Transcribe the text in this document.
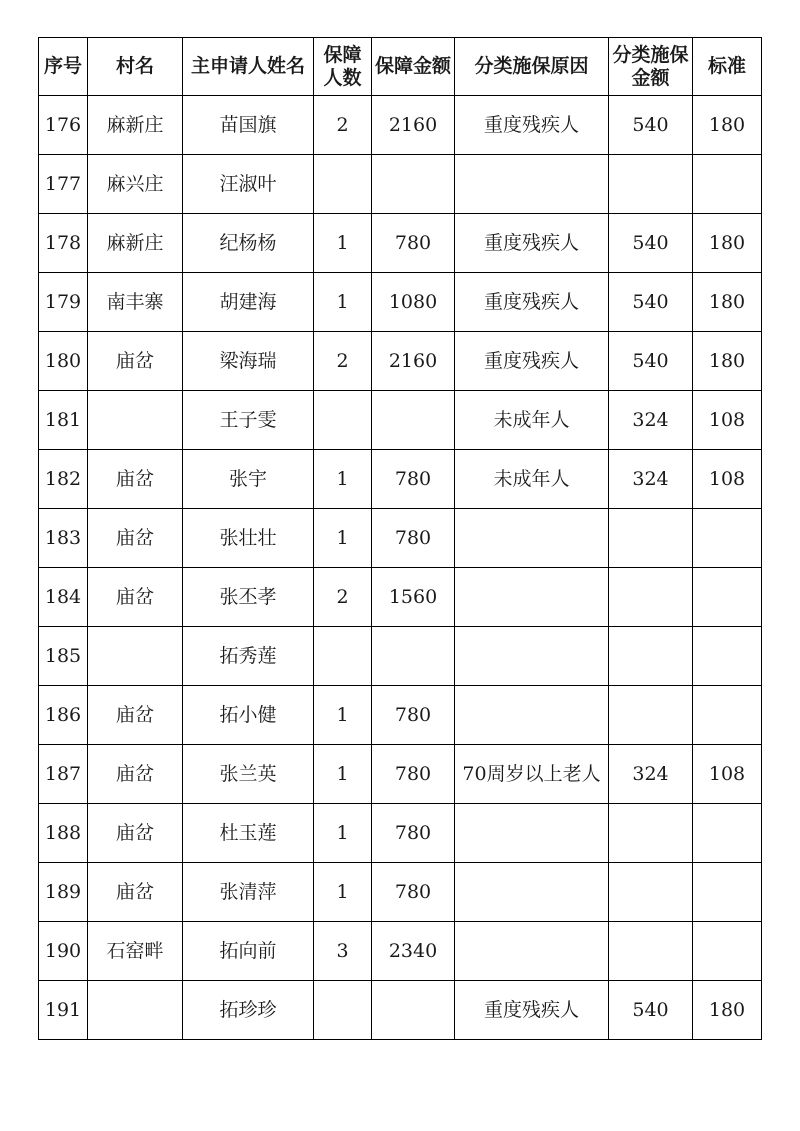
序号	村名	主申请人姓名	保障人数	保障金额	分类施保原因	分类施保金额	标准
176	麻新庄	苗国旗	2	2160	重度残疾人	540	180
177	麻兴庄	汪淑叶					
178	麻新庄	纪杨杨	1	780	重度残疾人	540	180
179	南丰寨	胡建海	1	1080	重度残疾人	540	180
180	庙岔	梁海瑞	2	2160	重度残疾人	540	180
181		王子雯			未成年人	324	108
182	庙岔	张宇	1	780	未成年人	324	108
183	庙岔	张壮壮	1	780			
184	庙岔	张丕孝	2	1560			
185		拓秀莲					
186	庙岔	拓小健	1	780			
187	庙岔	张兰英	1	780	70周岁以上老人	324	108
188	庙岔	杜玉莲	1	780			
189	庙岔	张清萍	1	780			
190	石窑畔	拓向前	3	2340			
191		拓珍珍			重度残疾人	540	180
